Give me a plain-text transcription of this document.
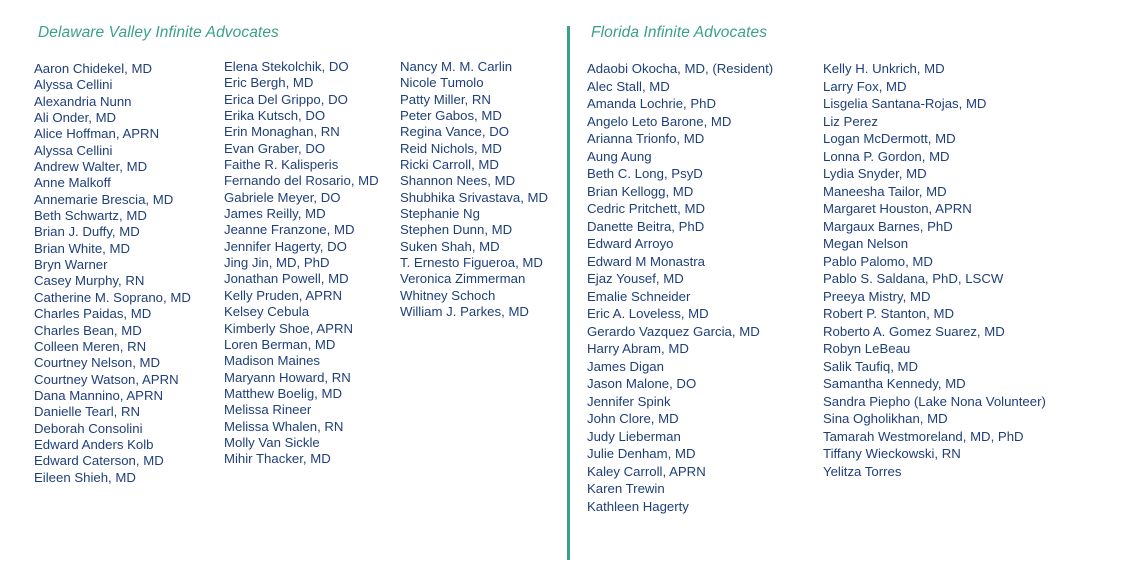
Delaware Valley Infinite Advocates
Aaron Chidekel, MD
Alyssa Cellini
Alexandria Nunn
Ali Onder, MD
Alice Hoffman, APRN
Alyssa Cellini
Andrew Walter, MD
Anne Malkoff
Annemarie Brescia, MD
Beth Schwartz, MD
Brian J. Duffy, MD
Brian White, MD
Bryn Warner
Casey Murphy, RN
Catherine M. Soprano, MD
Charles Paidas, MD
Charles Bean, MD
Colleen Meren, RN
Courtney Nelson, MD
Courtney Watson, APRN
Dana Mannino, APRN
Danielle Tearl, RN
Deborah Consolini
Edward Anders Kolb
Edward Caterson, MD
Eileen Shieh, MD
Elena Stekolchik, DO
Eric Bergh, MD
Erica Del Grippo, DO
Erika Kutsch, DO
Erin Monaghan, RN
Evan Graber, DO
Faithe R. Kalisperis
Fernando del Rosario, MD
Gabriele Meyer, DO
James Reilly, MD
Jeanne Franzone, MD
Jennifer Hagerty, DO
Jing Jin, MD, PhD
Jonathan Powell, MD
Kelly Pruden, APRN
Kelsey Cebula
Kimberly Shoe, APRN
Loren Berman, MD
Madison Maines
Maryann Howard, RN
Matthew Boelig, MD
Melissa Rineer
Melissa Whalen, RN
Molly Van Sickle
Mihir Thacker, MD
Nancy M. M. Carlin
Nicole Tumolo
Patty Miller, RN
Peter Gabos, MD
Regina Vance, DO
Reid Nichols, MD
Ricki Carroll, MD
Shannon Nees, MD
Shubhika Srivastava, MD
Stephanie Ng
Stephen Dunn, MD
Suken Shah, MD
T. Ernesto Figueroa, MD
Veronica Zimmerman
Whitney Schoch
William J. Parkes, MD
Florida Infinite Advocates
Adaobi Okocha, MD, (Resident)
Alec Stall, MD
Amanda Lochrie, PhD
Angelo Leto Barone, MD
Arianna Trionfo, MD
Aung Aung
Beth C. Long, PsyD
Brian Kellogg, MD
Cedric Pritchett, MD
Danette Beitra, PhD
Edward Arroyo
Edward M Monastra
Ejaz Yousef, MD
Emalie Schneider
Eric A. Loveless, MD
Gerardo Vazquez Garcia, MD
Harry Abram, MD
James Digan
Jason Malone, DO
Jennifer Spink
John Clore, MD
Judy Lieberman
Julie Denham, MD
Kaley Carroll, APRN
Karen Trewin
Kathleen Hagerty
Kelly H. Unkrich, MD
Larry Fox, MD
Lisgelia Santana-Rojas, MD
Liz Perez
Logan McDermott, MD
Lonna P. Gordon, MD
Lydia Snyder, MD
Maneesha Tailor, MD
Margaret Houston, APRN
Margaux Barnes, PhD
Megan Nelson
Pablo Palomo, MD
Pablo S. Saldana, PhD, LSCW
Preeya Mistry, MD
Robert P. Stanton, MD
Roberto A. Gomez Suarez, MD
Robyn LeBeau
Salik Taufiq, MD
Samantha Kennedy, MD
Sandra Piepho (Lake Nona Volunteer)
Sina Ogholikhan, MD
Tamarah Westmoreland, MD, PhD
Tiffany Wieckowski, RN
Yelitza Torres
